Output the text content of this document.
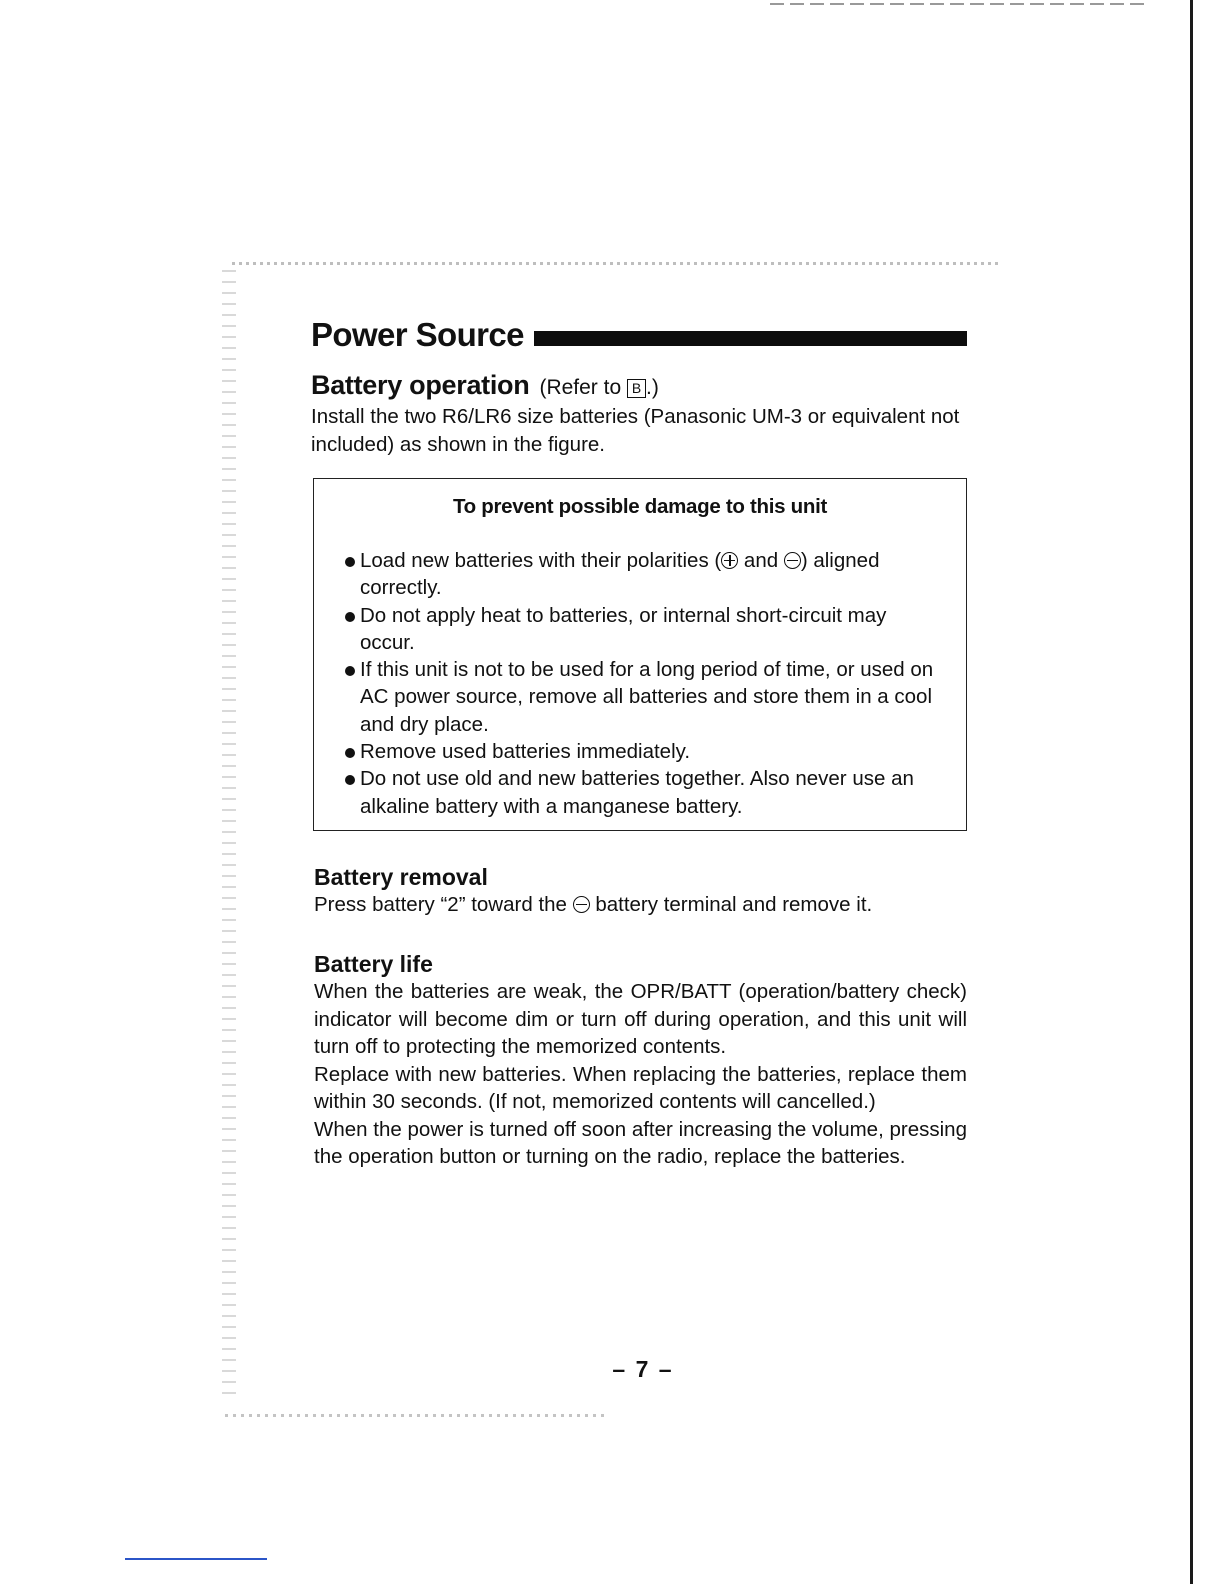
Power Source
Battery operation (Refer to B .)

Install the two R6/LR6 size batteries (Panasonic UM-3 or equivalent not included) as shown in the figure.

To prevent possible damage to this unit

Load new batteries with their polarities ( and ) aligned correctly.
Do not apply heat to batteries, or internal short-circuit may occur.
If this unit is not to be used for a long period of time, or used on AC power source, remove all batteries and store them in a cool and dry place.
Remove used batteries immediately.
Do not use old and new batteries together. Also never use an alkaline battery with a manganese battery.
Battery removal

Press battery “2” toward the  battery terminal and remove it.

Battery life

When the batteries are weak, the OPR/BATT (operation/battery check) indicator will become dim or turn off during operation, and this unit will turn off to protecting the memorized contents.

Replace with new batteries. When replacing the batteries, replace them within 30 seconds. (If not, memorized contents will cancelled.)

When the power is turned off soon after increasing the volume, pressing the operation button or turning on the radio, replace the batteries.

– 7 –
